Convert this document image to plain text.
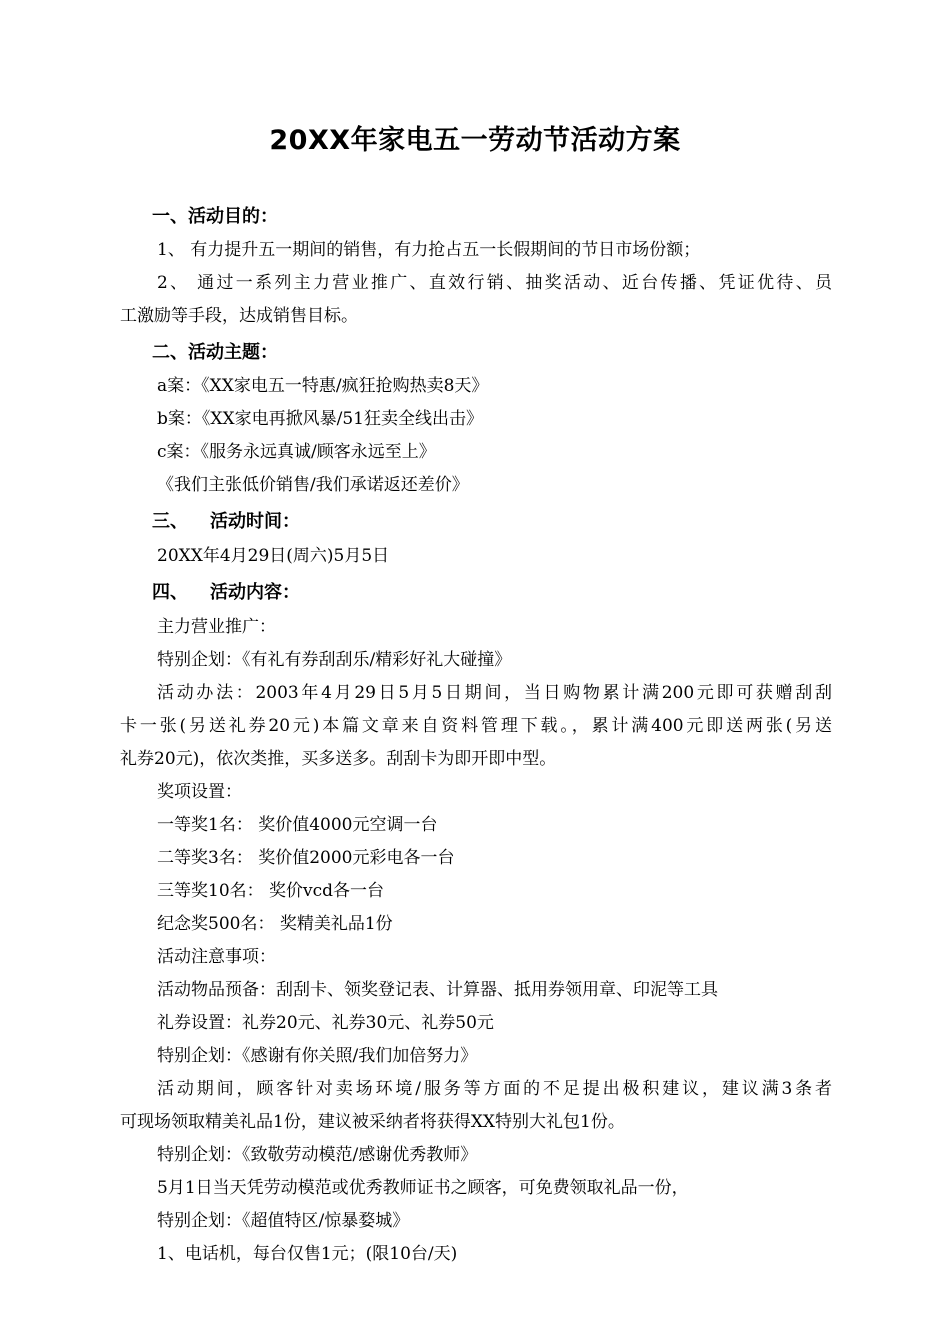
20XX年家电五一劳动节活动方案
一、活动目的：
1、 有力提升五一期间的销售，有力抢占五一长假期间的节日市场份额；
2、 通过一系列主力营业推广、直效行销、抽奖活动、近台传播、凭证优待、员
工激励等手段，达成销售目标。
二、活动主题：
a案：《XX家电五一特惠/疯狂抢购热卖8天》
b案：《XX家电再掀风暴/51狂卖全线出击》
c案：《服务永远真诚/顾客永远至上》
《我们主张低价销售/我们承诺返还差价》
三、 活动时间：
20XX年4月29日(周六)5月5日
四、 活动内容：
主力营业推广：
特别企划：《有礼有券刮刮乐/精彩好礼大碰撞》
活动办法：2003年4月29日5月5日期间，当日购物累计满200元即可获赠刮刮
卡一张(另送礼券20元)本篇文章来自资料管理下载。，累计满400元即送两张(另送
礼券20元)，依次类推，买多送多。刮刮卡为即开即中型。
奖项设置：
一等奖1名： 奖价值4000元空调一台
二等奖3名： 奖价值2000元彩电各一台
三等奖10名： 奖价vcd各一台
纪念奖500名： 奖精美礼品1份
活动注意事项：
活动物品预备：刮刮卡、领奖登记表、计算器、抵用券领用章、印泥等工具
礼券设置：礼券20元、礼券30元、礼券50元
特别企划：《感谢有你关照/我们加倍努力》
活动期间，顾客针对卖场环境/服务等方面的不足提出极积建议，建议满3条者
可现场领取精美礼品1份，建议被采纳者将获得XX特别大礼包1份。
特别企划：《致敬劳动模范/感谢优秀教师》
5月1日当天凭劳动模范或优秀教师证书之顾客，可免费领取礼品一份，
特别企划：《超值特区/惊暴婺城》
1、电话机，每台仅售1元；(限10台/天)
